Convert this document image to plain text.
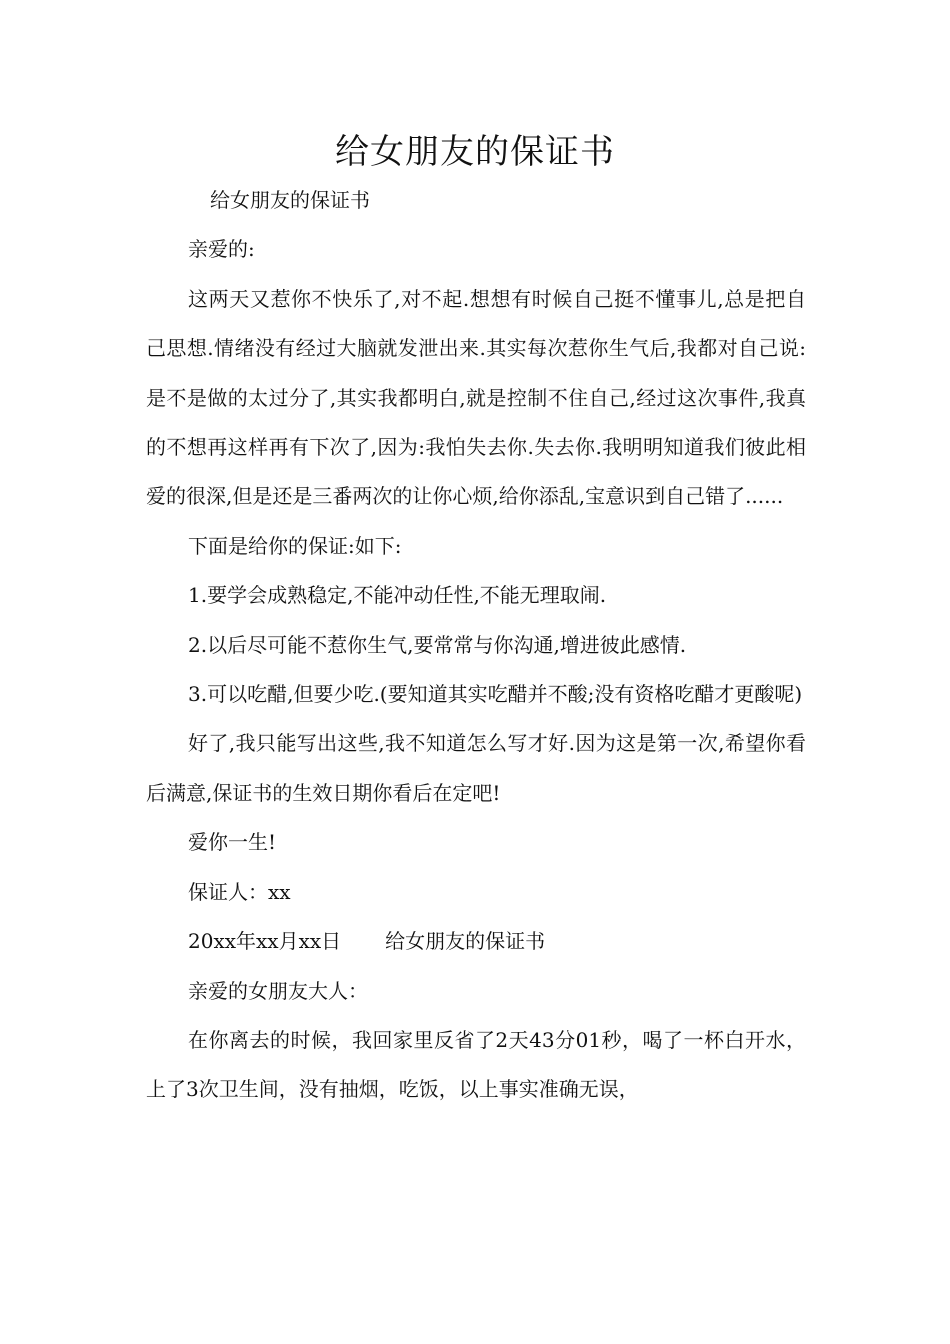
给女朋友的保证书

给女朋友的保证书

亲爱的:

这两天又惹你不快乐了,对不起.想想有时候自己挺不懂事儿,总是把自己思想.情绪没有经过大脑就发泄出来.其实每次惹你生气后,我都对自己说:是不是做的太过分了,其实我都明白,就是控制不住自己,经过这次事件,我真的不想再这样再有下次了,因为:我怕失去你.失去你.我明明知道我们彼此相爱的很深,但是还是三番两次的让你心烦,给你添乱,宝意识到自己错了......

下面是给你的保证:如下:

1.要学会成熟稳定,不能冲动任性,不能无理取闹.

2.以后尽可能不惹你生气,要常常与你沟通,增进彼此感情.

3.可以吃醋,但要少吃.(要知道其实吃醋并不酸;没有资格吃醋才更酸呢)

好了,我只能写出这些,我不知道怎么写才好.因为这是第一次,希望你看后满意,保证书的生效日期你看后在定吧!

爱你一生!

保证人：xx

20xx年xx月xx日 给女朋友的保证书

亲爱的女朋友大人：

在你离去的时候，我回家里反省了2天43分01秒，喝了一杯白开水，上了3次卫生间，没有抽烟，吃饭，以上事实准确无误，
